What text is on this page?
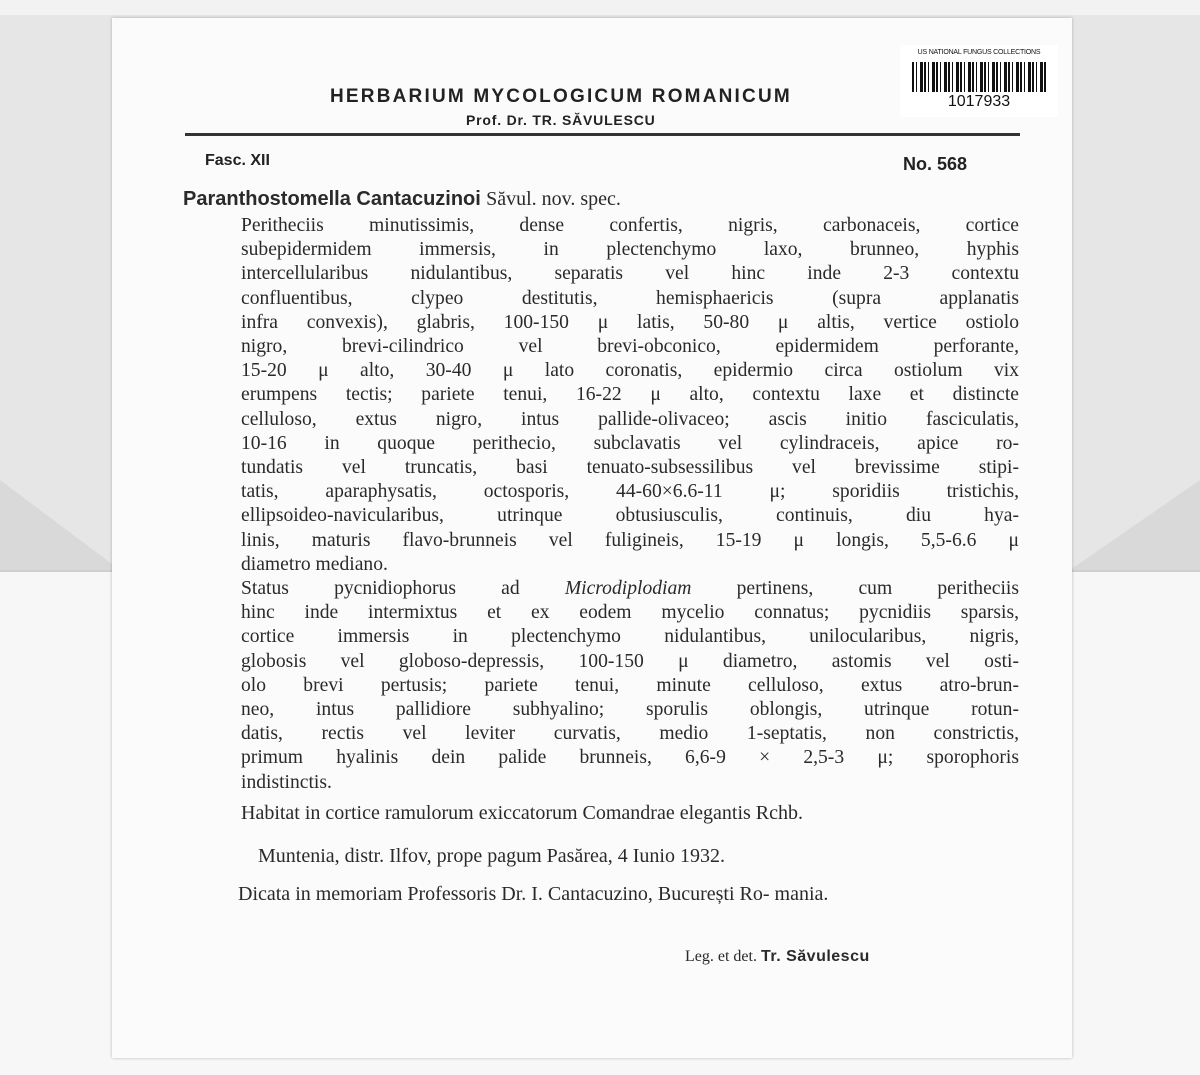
US NATIONAL FUNGUS COLLECTIONS
1017933
HERBARIUM MYCOLOGICUM ROMANICUM
Prof. Dr. TR. SĂVULESCU
Fasc. XII	No. 568
Paranthostomella Cantacuzinoi Săvul. nov. spec.

Peritheciis minutissimis, dense confertis, nigris, carbonaceis, cortice

subepidermidem immersis, in plectenchymo laxo, brunneo, hyphis

intercellularibus nidulantibus, separatis vel hinc inde 2-3 contextu

confluentibus, clypeo destitutis, hemisphaericis (supra applanatis

infra convexis), glabris, 100-150 μ latis, 50-80 μ altis, vertice ostiolo

nigro, brevi-cilindrico vel brevi-obconico, epidermidem perforante,

15-20 μ alto, 30-40 μ lato coronatis, epidermio circa ostiolum vix

erumpens tectis; pariete tenui, 16-22 μ alto, contextu laxe et distincte

celluloso, extus nigro, intus pallide-olivaceo; ascis initio fasciculatis,

10-16 in quoque perithecio, subclavatis vel cylindraceis, apice ro-

tundatis vel truncatis, basi tenuato-subsessilibus vel brevissime stipi-

tatis, aparaphysatis, octosporis, 44-60×6.6-11 μ; sporidiis tristichis,

ellipsoideo-navicularibus, utrinque obtusiusculis, continuis, diu hya-

linis, maturis flavo-brunneis vel fuligineis, 15-19 μ longis, 5,5-6.6 μ

diametro mediano.

Status pycnidiophorus ad Microdiplodiam pertinens, cum peritheciis

hinc inde intermixtus et ex eodem mycelio connatus; pycnidiis sparsis,

cortice immersis in plectenchymo nidulantibus, unilocularibus, nigris,

globosis vel globoso-depressis, 100-150 μ diametro, astomis vel osti-

olo brevi pertusis; pariete tenui, minute celluloso, extus atro-brun-

neo, intus pallidiore subhyalino; sporulis oblongis, utrinque rotun-

datis, rectis vel leviter curvatis, medio 1-septatis, non constrictis,

primum hyalinis dein palide brunneis, 6,6-9 × 2,5-3 μ; sporophoris

indistinctis.

Habitat in cortice ramulorum exiccatorum Comandrae elegantis Rchb.
Muntenia, distr. Ilfov, prope pagum Pasărea, 4 Iunio 1932.
Dicata in memoriam Professoris Dr. I. Cantacuzino, București Ro- mania.
Leg. et det. Tr. Săvulescu
